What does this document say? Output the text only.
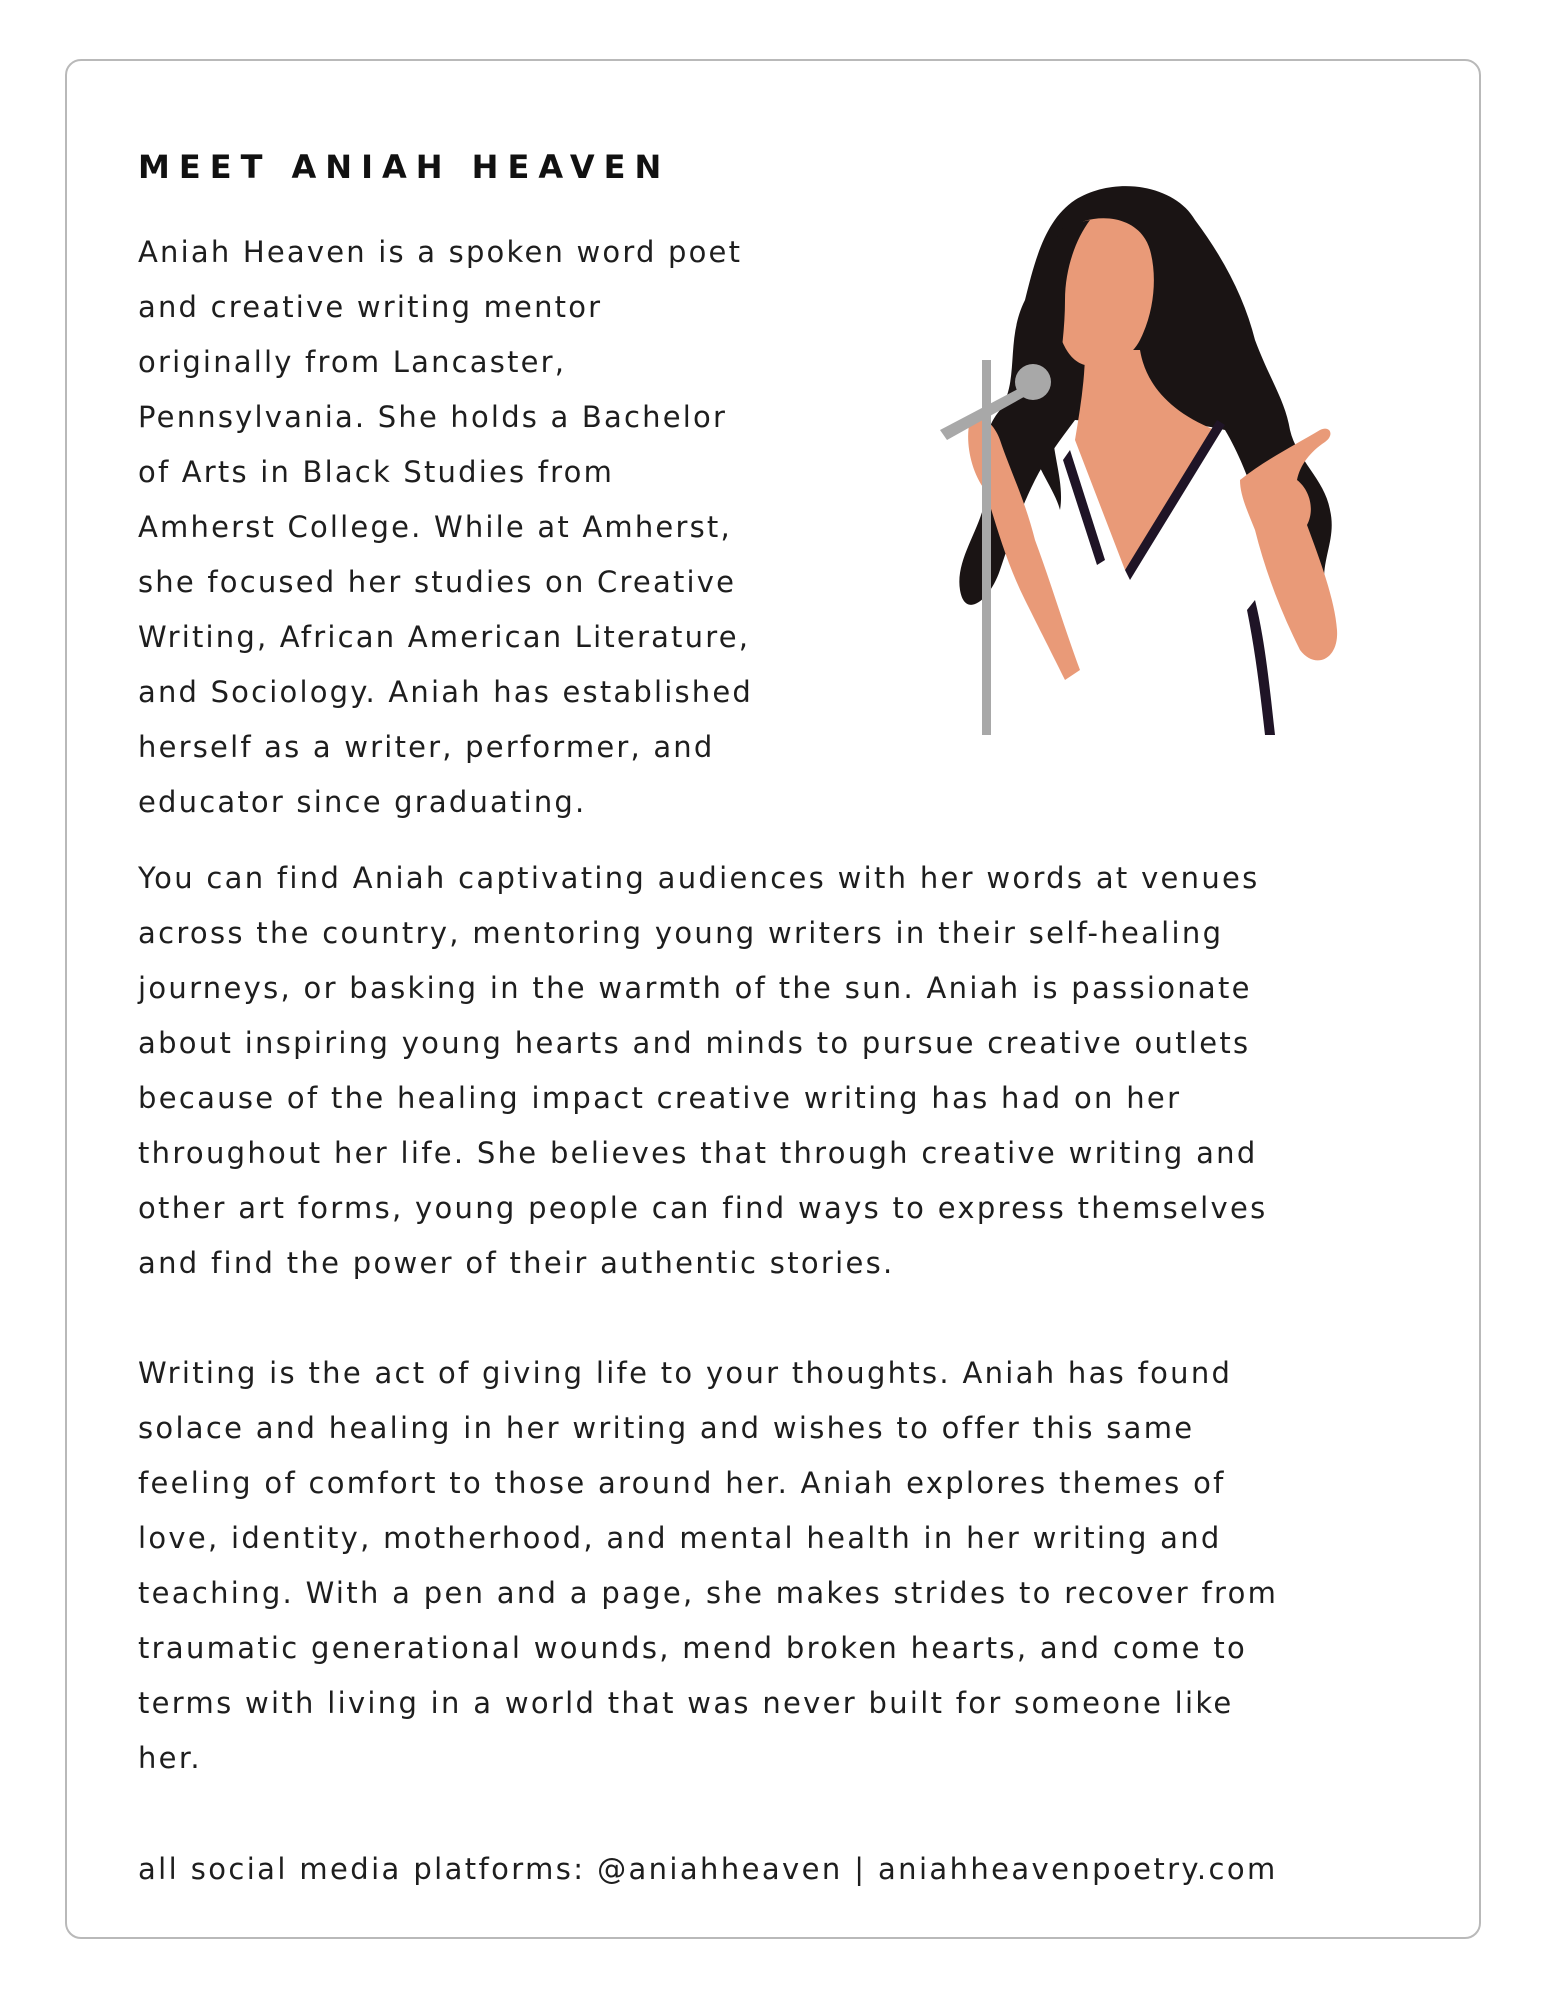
MEET ANIAH HEAVEN

Aniah Heaven is a spoken word poet
and creative writing mentor
originally from Lancaster,
Pennsylvania. She holds a Bachelor
of Arts in Black Studies from
Amherst College. While at Amherst,
she focused her studies on Creative
Writing, African American Literature,
and Sociology. Aniah has established
herself as a writer, performer, and
educator since graduating.

You can find Aniah captivating audiences with her words at venues
across the country, mentoring young writers in their self-healing
journeys, or basking in the warmth of the sun. Aniah is passionate
about inspiring young hearts and minds to pursue creative outlets
because of the healing impact creative writing has had on her
throughout her life. She believes that through creative writing and
other art forms, young people can find ways to express themselves
and find the power of their authentic stories.

Writing is the act of giving life to your thoughts. Aniah has found
solace and healing in her writing and wishes to offer this same
feeling of comfort to those around her. Aniah explores themes of
love, identity, motherhood, and mental health in her writing and
teaching. With a pen and a page, she makes strides to recover from
traumatic generational wounds, mend broken hearts, and come to
terms with living in a world that was never built for someone like
her.

all social media platforms: @aniahheaven | aniahheavenpoetry.com
